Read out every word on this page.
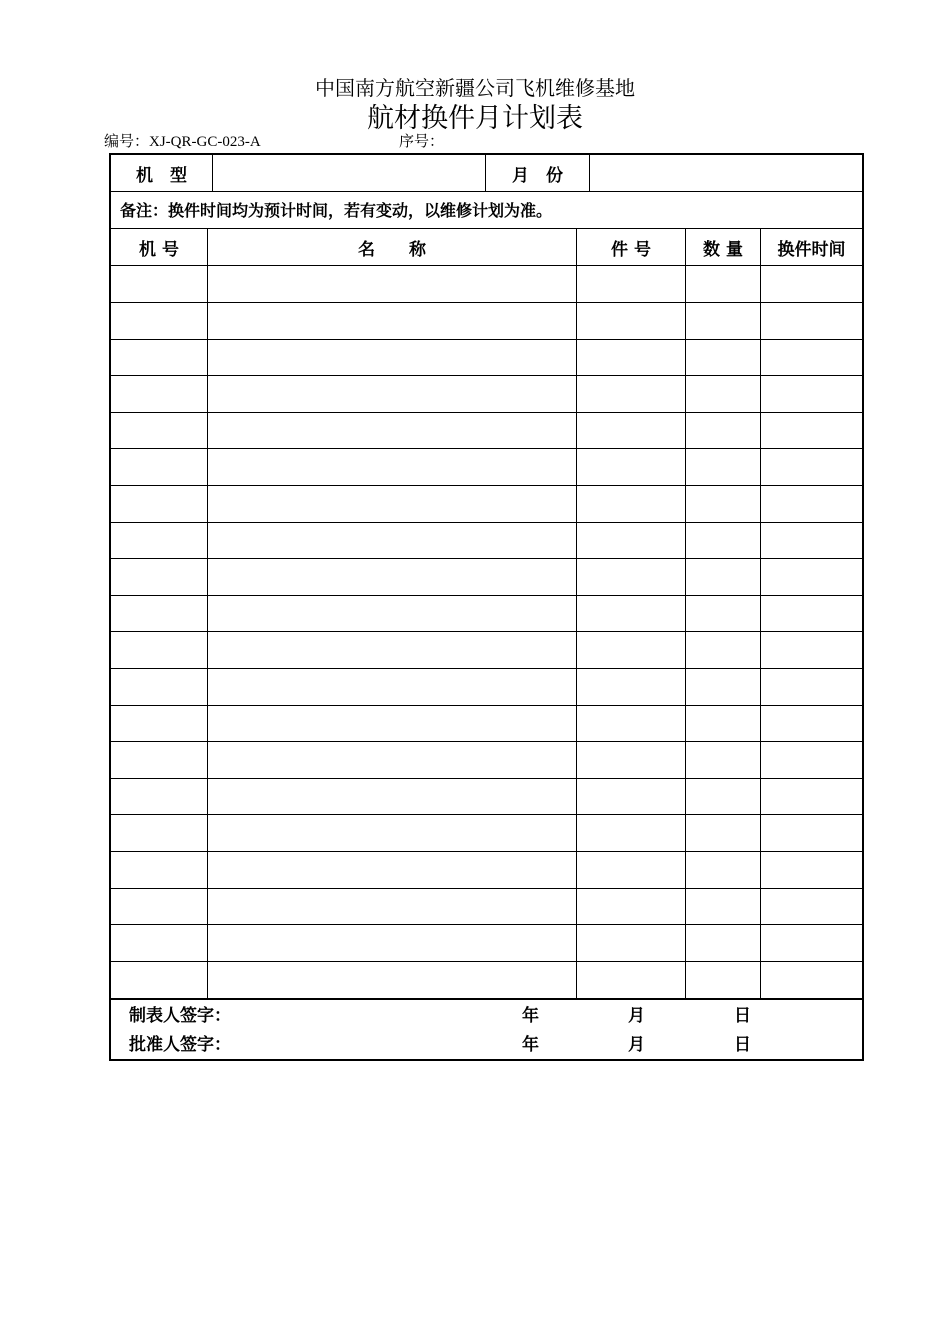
中国南方航空新疆公司飞机维修基地
航材换件月计划表
编号：XJ-QR-GC-023-A	序号：
机　型	月　份
备注：换件时间均为预计时间，若有变动，以维修计划为准。
机 号	名　　称	件 号	数 量	换件时间
制表人签字：	年	月	日
批准人签字：	年	月	日
